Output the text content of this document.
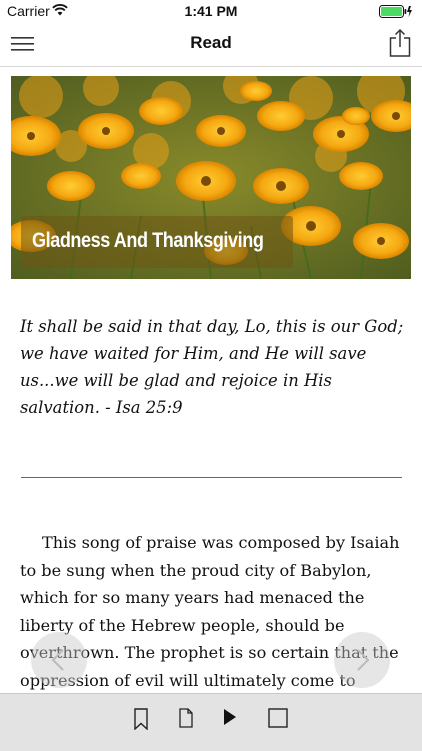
Carrier	1:41 PM
Read
Gladness And Thanksgiving
It shall be said in that day, Lo, this is our God; we have waited for Him, and He will save us...we will be glad and rejoice in His salvation. - Isa 25:9
This song of praise was composed by Isaiah to be sung when the proud city of Babylon, which for so many years had menaced the liberty of the Hebrew people, should be overthrown. The prophet is so certain that the oppression of evil will ultimately come to
